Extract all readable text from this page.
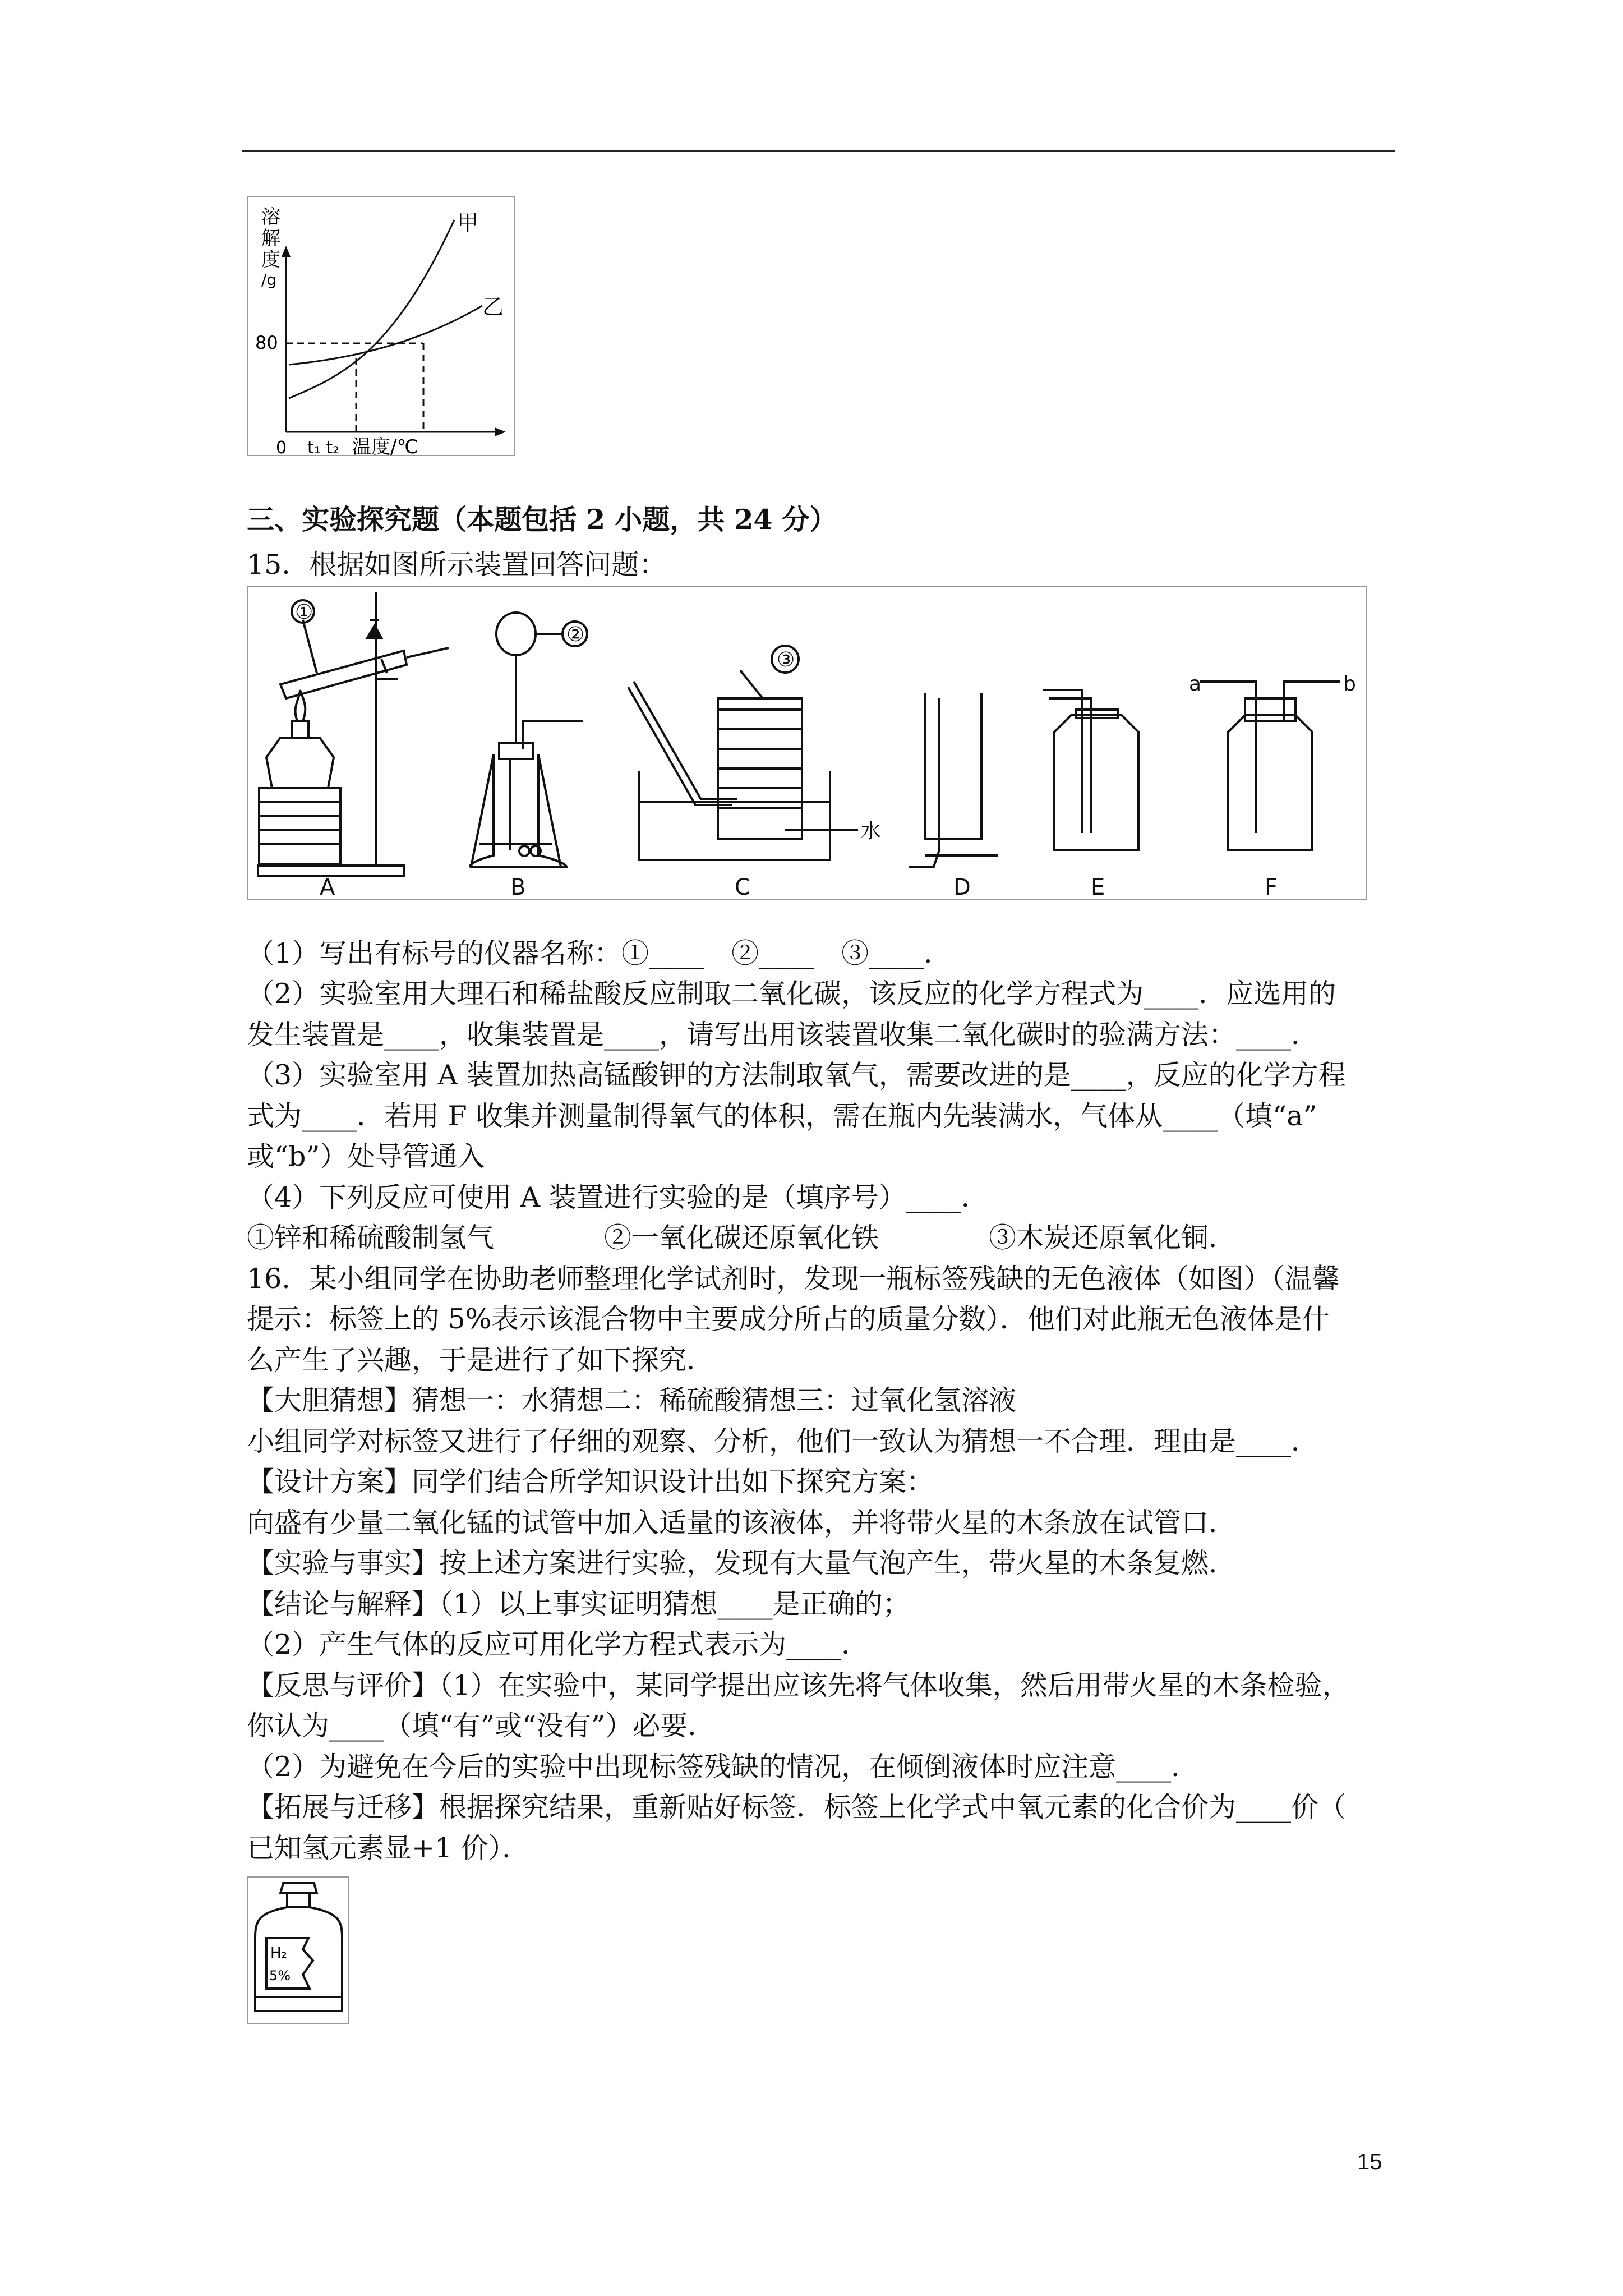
溶
解
度
/g
80
甲
乙
0 t₁ t₂ 温度/℃
三、实验探究题（本题包括 2 小题，共 24 分）
15．根据如图所示装置回答问题：
①
②
③
水
a	b
A	B	C	D	E	F
（1）写出有标号的仪器名称：①____　②____　③____．
（2）实验室用大理石和稀盐酸反应制取二氧化碳，该反应的化学方程式为____．应选用的
发生装置是____，收集装置是____，请写出用该装置收集二氧化碳时的验满方法：____．
（3）实验室用 A 装置加热高锰酸钾的方法制取氧气，需要改进的是____，反应的化学方程
式为____．若用 F 收集并测量制得氧气的体积，需在瓶内先装满水，气体从____（填“a”
或“b”）处导管通入
（4）下列反应可使用 A 装置进行实验的是（填序号）____．
①锌和稀硫酸制氢气　　　　②一氧化碳还原氧化铁　　　　③木炭还原氧化铜．
16．某小组同学在协助老师整理化学试剂时，发现一瓶标签残缺的无色液体（如图）（温馨
提示：标签上的 5%表示该混合物中主要成分所占的质量分数）．他们对此瓶无色液体是什
么产生了兴趣，于是进行了如下探究．
【大胆猜想】猜想一：水猜想二：稀硫酸猜想三：过氧化氢溶液
小组同学对标签又进行了仔细的观察、分析，他们一致认为猜想一不合理．理由是____．
【设计方案】同学们结合所学知识设计出如下探究方案：
向盛有少量二氧化锰的试管中加入适量的该液体，并将带火星的木条放在试管口．
【实验与事实】按上述方案进行实验，发现有大量气泡产生，带火星的木条复燃．
【结论与解释】（1）以上事实证明猜想____是正确的；
（2）产生气体的反应可用化学方程式表示为____．
【反思与评价】（1）在实验中，某同学提出应该先将气体收集，然后用带火星的木条检验，
你认为____（填“有”或“没有”）必要．
（2）为避免在今后的实验中出现标签残缺的情况，在倾倒液体时应注意____．
【拓展与迁移】根据探究结果，重新贴好标签．标签上化学式中氧元素的化合价为____价（
已知氢元素显+1 价）．
H₂
5%
15
